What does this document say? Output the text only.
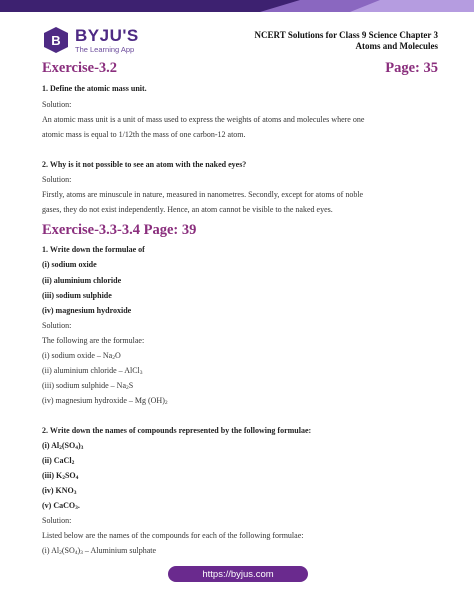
B BYJU'S
The Learning App
NCERT Solutions for Class 9 Science Chapter 3
Atoms and Molecules
Exercise-3.2	Page: 35
1. Define the atomic mass unit.
Solution:
An atomic mass unit is a unit of mass used to express the weights of atoms and molecules where one
atomic mass is equal to 1/12th the mass of one carbon-12 atom.
2. Why is it not possible to see an atom with the naked eyes?
Solution:
Firstly, atoms are minuscule in nature, measured in nanometres. Secondly, except for atoms of noble
gases, they do not exist independently. Hence, an atom cannot be visible to the naked eyes.
Exercise-3.3-3.4 Page: 39
1. Write down the formulae of
(i) sodium oxide
(ii) aluminium chloride
(iii) sodium sulphide
(iv) magnesium hydroxide
Solution:
The following are the formulae:
(i) sodium oxide – $Na_2O$
(ii) aluminium chloride – AlCl$_3$
(iii) sodium sulphide – $Na_2S$
(iv) magnesium hydroxide – Mg $(OH)_2$
2. Write down the names of compounds represented by the following formulae:
(i) $Al_2(SO_4)_3$
(ii) CaCl$_2$
(iii) $K_2SO_4$
(iv) $KNO_3$
(v) CaCO$_3$.
Solution:
Listed below are the names of the compounds for each of the following formulae:
(i) $Al_2(SO_4)_3$ – Aluminium sulphate
https://byjus.com
